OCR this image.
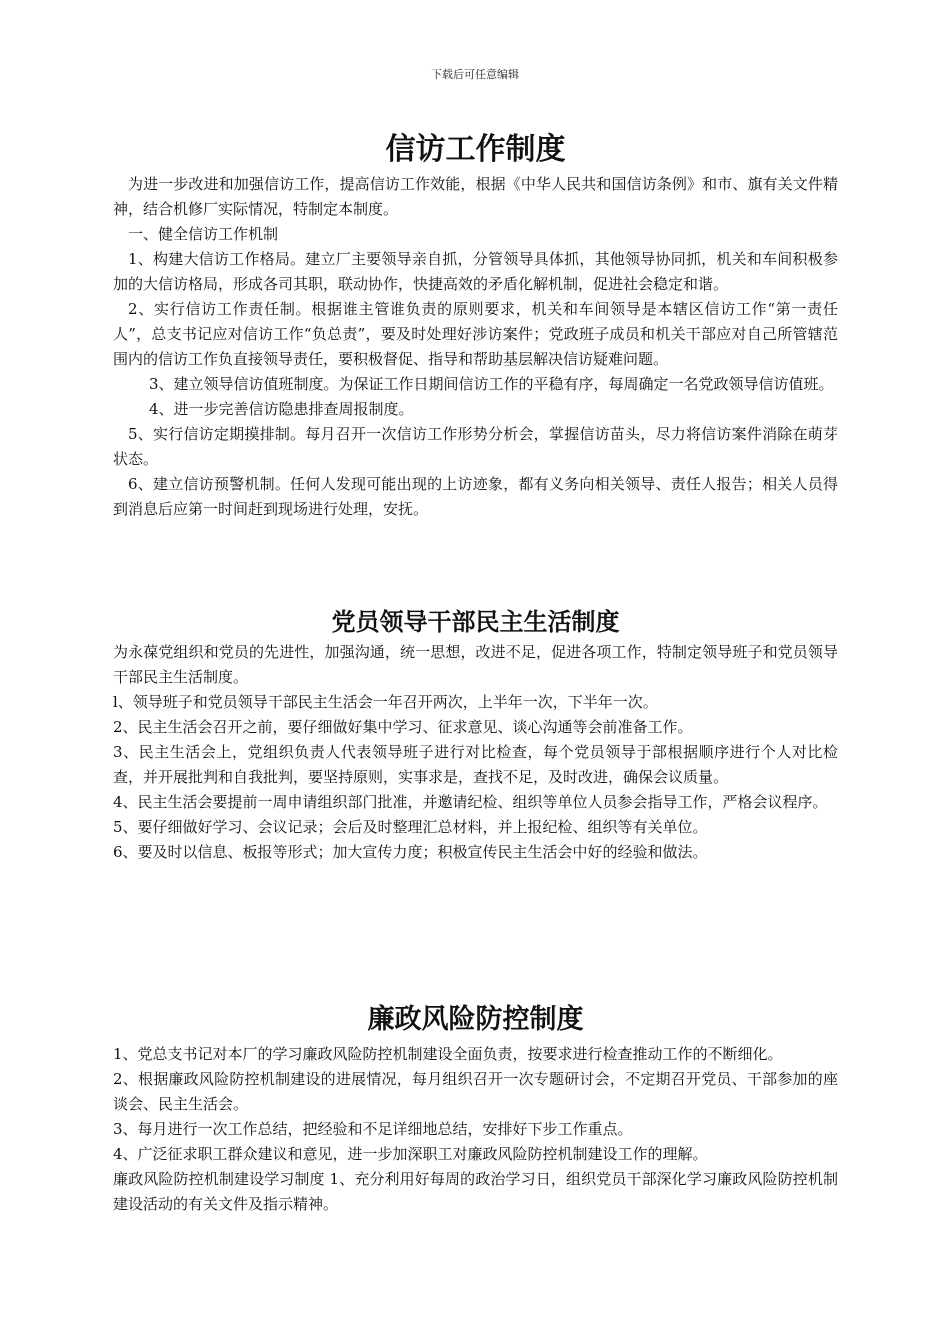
下载后可任意编辑
信访工作制度

为进一步改进和加强信访工作，提高信访工作效能，根据《中华人民共和国信访条例》和市、旗有关文件精神，结合机修厂实际情况，特制定本制度。

一、健全信访工作机制

1、构建大信访工作格局。建立厂主要领导亲自抓，分管领导具体抓，其他领导协同抓，机关和车间积极参加的大信访格局，形成各司其职，联动协作，快捷高效的矛盾化解机制，促进社会稳定和谐。

2、实行信访工作责任制。根据谁主管谁负责的原则要求，机关和车间领导是本辖区信访工作“第一责任人”，总支书记应对信访工作“负总责”，要及时处理好涉访案件；党政班子成员和机关干部应对自己所管辖范围内的信访工作负直接领导责任，要积极督促、指导和帮助基层解决信访疑难问题。

3、建立领导信访值班制度。为保证工作日期间信访工作的平稳有序，每周确定一名党政领导信访值班。

4、进一步完善信访隐患排查周报制度。

5、实行信访定期摸排制。每月召开一次信访工作形势分析会，掌握信访苗头，尽力将信访案件消除在萌芽状态。

6、建立信访预警机制。任何人发现可能出现的上访迹象，都有义务向相关领导、责任人报告；相关人员得到消息后应第一时间赶到现场进行处理，安抚。

党员领导干部民主生活制度

为永葆党组织和党员的先进性，加强沟通，统一思想，改进不足，促进各项工作，特制定领导班子和党员领导干部民主生活制度。

l、领导班子和党员领导干部民主生活会一年召开两次，上半年一次，下半年一次。

2、民主生活会召开之前，要仔细做好集中学习、征求意见、谈心沟通等会前准备工作。

3、民主生活会上，党组织负责人代表领导班子进行对比检查，每个党员领导于部根据顺序进行个人对比检查，并开展批判和自我批判，要坚持原则，实事求是，查找不足，及时改进，确保会议质量。

4、民主生活会要提前一周申请组织部门批准，并邀请纪检、组织等单位人员参会指导工作，严格会议程序。

5、要仔细做好学习、会议记录；会后及时整理汇总材料，并上报纪检、组织等有关单位。

6、要及时以信息、板报等形式；加大宣传力度；积极宣传民主生活会中好的经验和做法。

廉政风险防控制度

1、党总支书记对本厂的学习廉政风险防控机制建设全面负责，按要求进行检查推动工作的不断细化。

2、根据廉政风险防控机制建设的进展情况，每月组织召开一次专题研讨会，不定期召开党员、干部参加的座谈会、民主生活会。

3、每月进行一次工作总结，把经验和不足详细地总结，安排好下步工作重点。

4、广泛征求职工群众建议和意见，进一步加深职工对廉政风险防控机制建设工作的理解。

廉政风险防控机制建设学习制度 1、充分利用好每周的政治学习日，组织党员干部深化学习廉政风险防控机制建设活动的有关文件及指示精神。
